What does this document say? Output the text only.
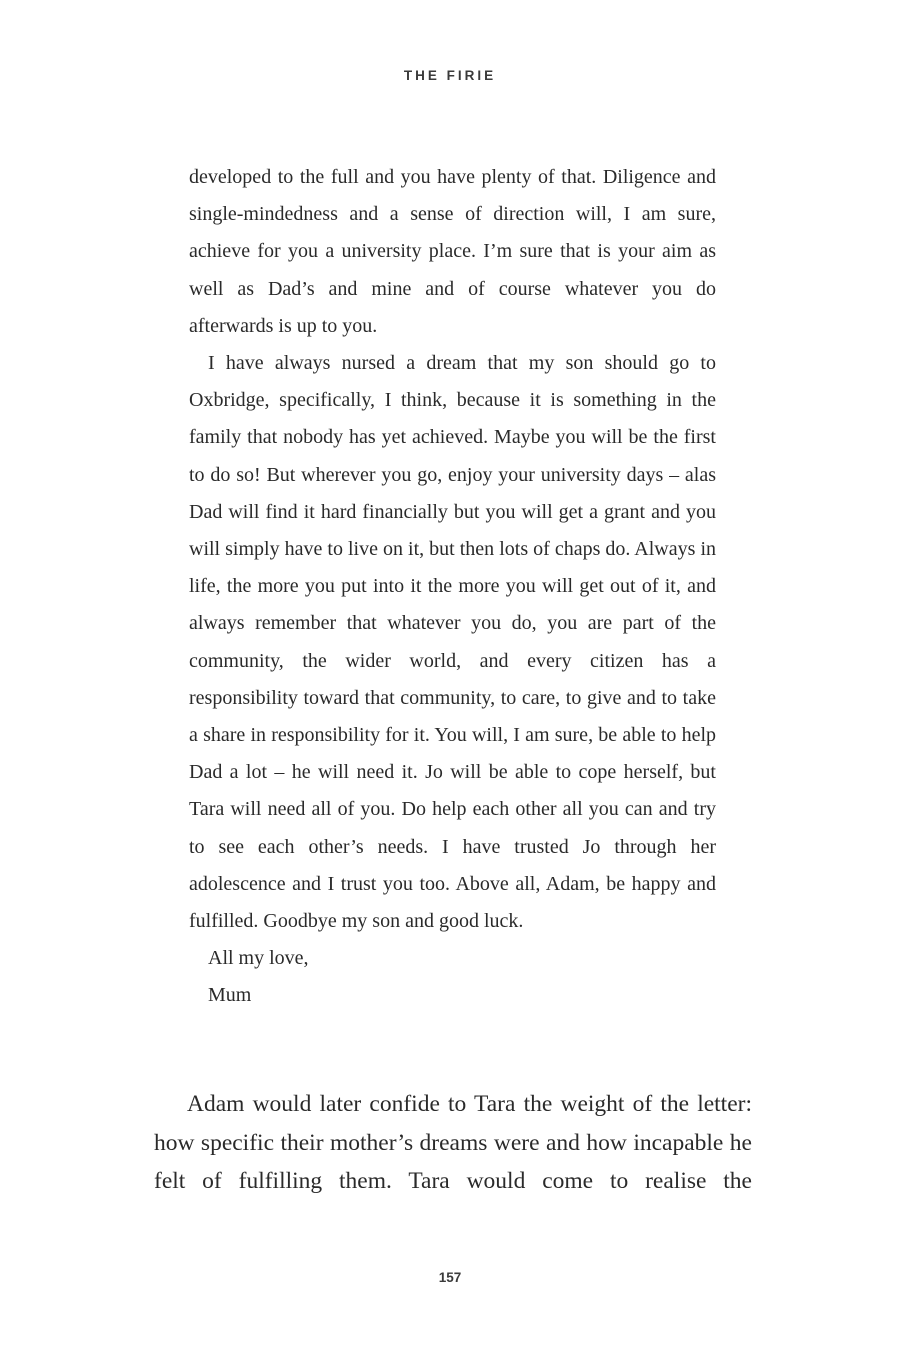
THE FIRIE

developed to the full and you have plenty of that. Diligence and single-mindedness and a sense of direction will, I am sure, achieve for you a university place. I’m sure that is your aim as well as Dad’s and mine and of course whatever you do afterwards is up to you.

I have always nursed a dream that my son should go to Oxbridge, specifically, I think, because it is something in the family that nobody has yet achieved. Maybe you will be the first to do so! But wherever you go, enjoy your university days – alas Dad will find it hard financially but you will get a grant and you will simply have to live on it, but then lots of chaps do. Always in life, the more you put into it the more you will get out of it, and always remember that whatever you do, you are part of the community, the wider world, and every citizen has a responsibility toward that community, to care, to give and to take a share in responsibility for it. You will, I am sure, be able to help Dad a lot – he will need it. Jo will be able to cope herself, but Tara will need all of you. Do help each other all you can and try to see each other’s needs. I have trusted Jo through her adolescence and I trust you too. Above all, Adam, be happy and fulfilled. Goodbye my son and good luck.

All my love,
Mum

Adam would later confide to Tara the weight of the letter: how specific their mother’s dreams were and how incapable he felt of fulfilling them. Tara would come to realise the

157
